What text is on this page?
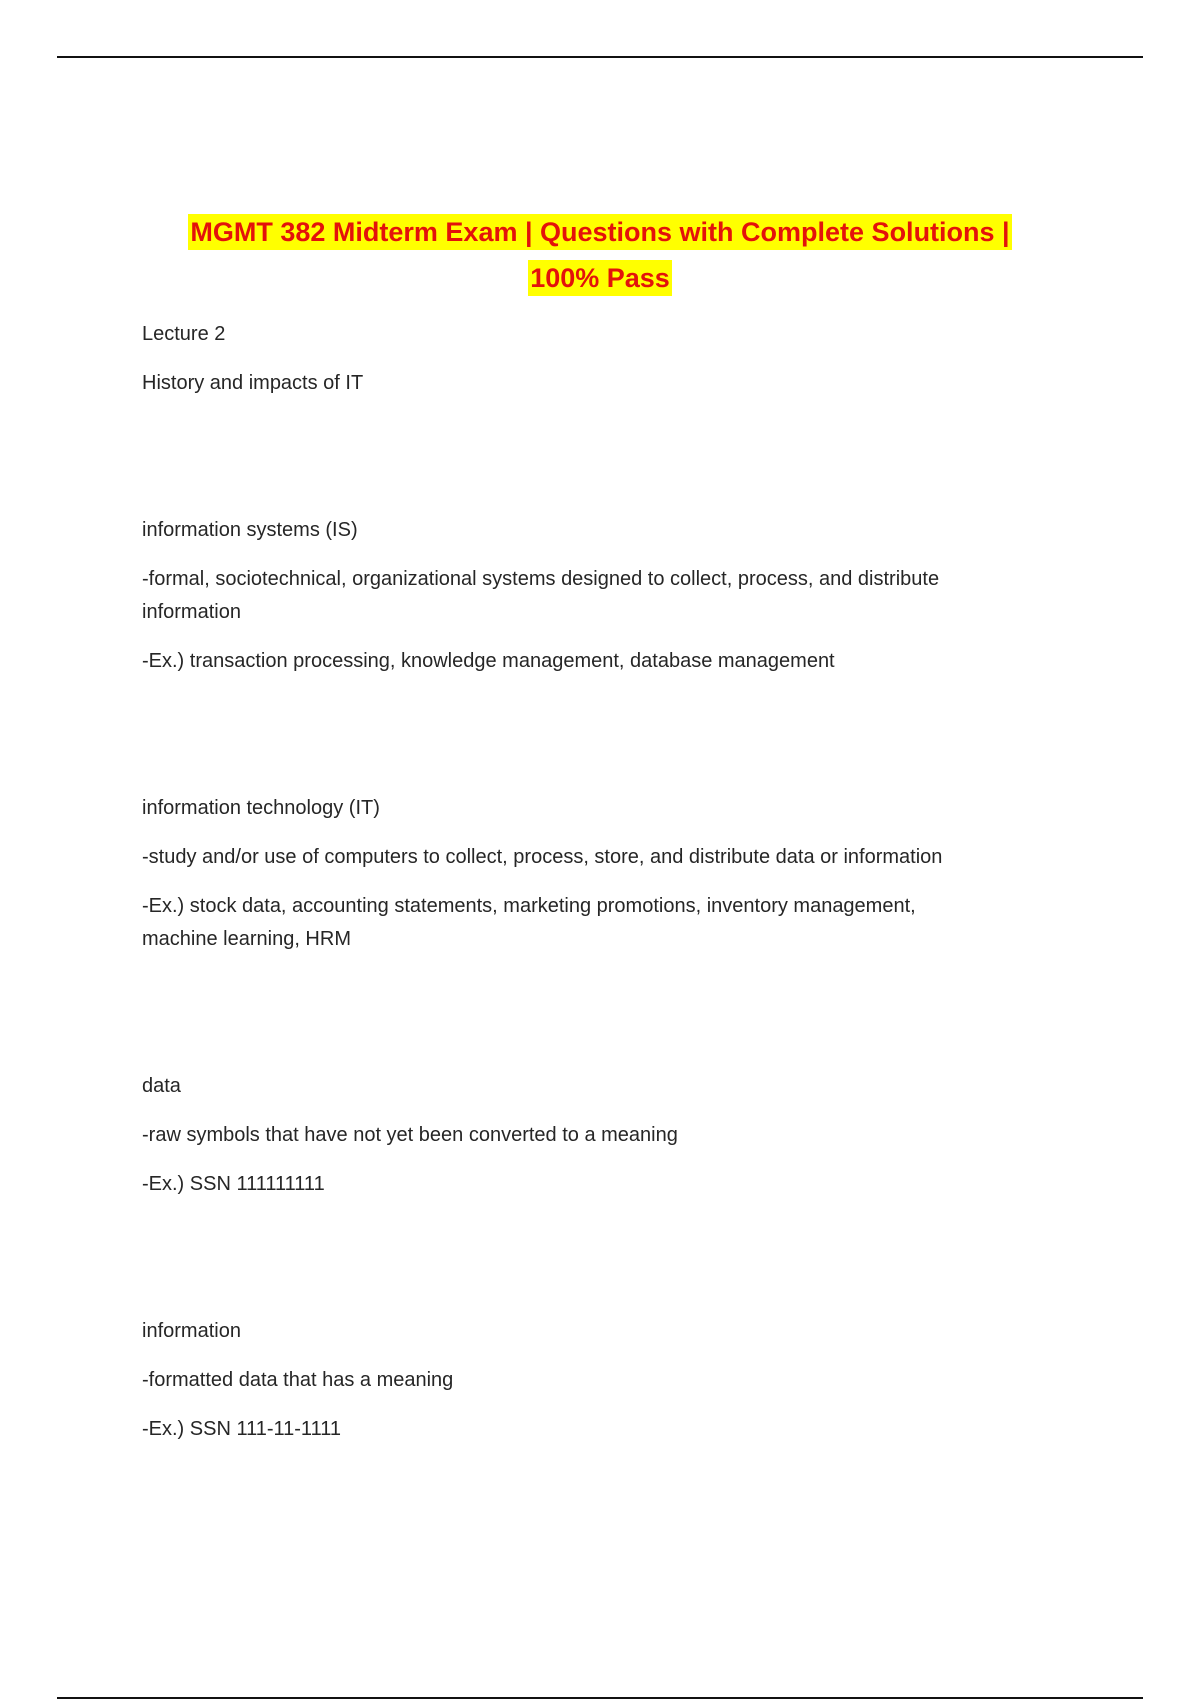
MGMT 382 Midterm Exam | Questions with Complete Solutions |
100% Pass
Lecture 2
History and impacts of IT
information systems (IS)
-formal, sociotechnical, organizational systems designed to collect, process, and distribute
information
-Ex.) transaction processing, knowledge management, database management
information technology (IT)
-study and/or use of computers to collect, process, store, and distribute data or information
-Ex.) stock data, accounting statements, marketing promotions, inventory management,
machine learning, HRM
data
-raw symbols that have not yet been converted to a meaning
-Ex.) SSN 111111111
information
-formatted data that has a meaning
-Ex.) SSN 111-11-1111
